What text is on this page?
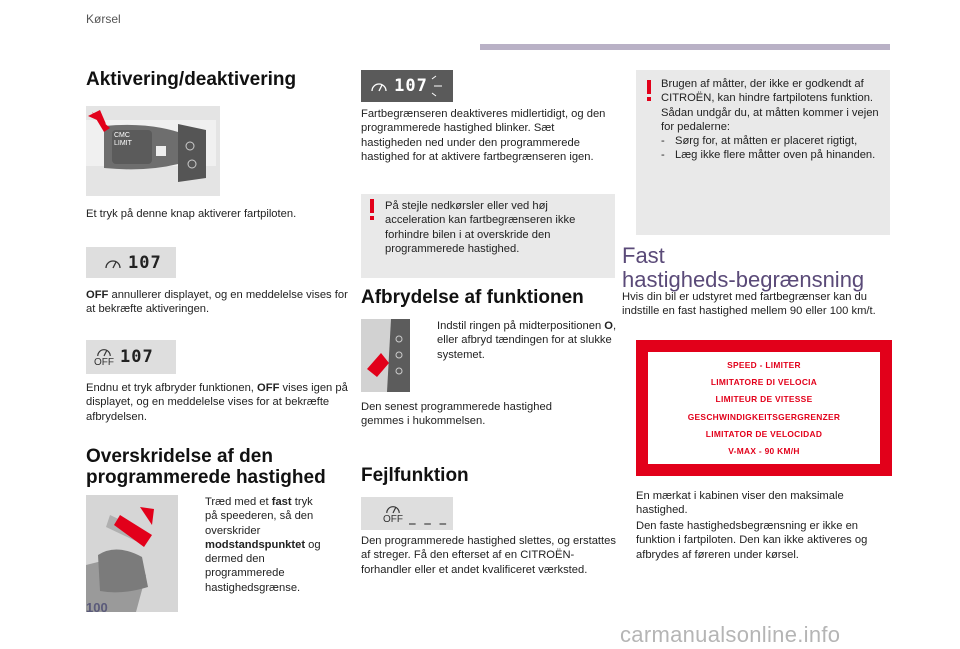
Kørsel
Aktivering/deaktivering
CMC
LIMIT
Et tryk på denne knap aktiverer fartpiloten.
107
OFF annullerer displayet, og en meddelelse vises for at bekræfte aktiveringen.
OFF 107
Endnu et tryk afbryder funktionen, OFF vises igen på displayet, og en meddelelse vises for at bekræfte afbrydelsen.
Overskridelse af den
programmerede hastighed
Træd med et fast tryk på speederen, så den overskrider modstandspunktet og dermed den programmerede hastighedsgrænse.
107
Fartbegrænseren deaktiveres midlertidigt, og den programmerede hastighed blinker. Sæt hastigheden ned under den programmerede hastighed for at aktivere fartbegrænseren igen.
På stejle nedkørsler eller ved høj acceleration kan fartbegrænseren ikke forhindre bilen i at overskride den programmerede hastighed.
Afbrydelse af funktionen
Indstil ringen på midterpositionen O, eller afbryd tændingen for at slukke systemet.
Den senest programmerede hastighed gemmes i hukommelsen.
Fejlfunktion
OFF _ _ _
Den programmerede hastighed slettes, og erstattes af streger. Få den efterset af en CITROËN-forhandler eller et andet kvalificeret værksted.
Brugen af måtter, der ikke er godkendt af CITROËN, kan hindre fartpilotens funktion.
Sådan undgår du, at måtten kommer i vejen for pedalerne:
- Sørg for, at måtten er placeret rigtigt,
- Læg ikke flere måtter oven på hinanden.
Fast
hastigheds-begrænsning
Hvis din bil er udstyret med fartbegrænser kan du indstille en fast hastighed mellem 90 eller 100 km/t.
SPEED - LIMITER
LIMITATORE DI VELOCIA
LIMITEUR DE VITESSE
GESCHWINDIGKEITSGERGRENZER
LIMITATOR DE VELOCIDAD
V-MAX - 90 KM/H
En mærkat i kabinen viser den maksimale hastighed.
Den faste hastighedsbegrænsning er ikke en funktion i fartpiloten. Den kan ikke aktiveres og afbrydes af føreren under kørsel.
100
carmanualsonline.info
